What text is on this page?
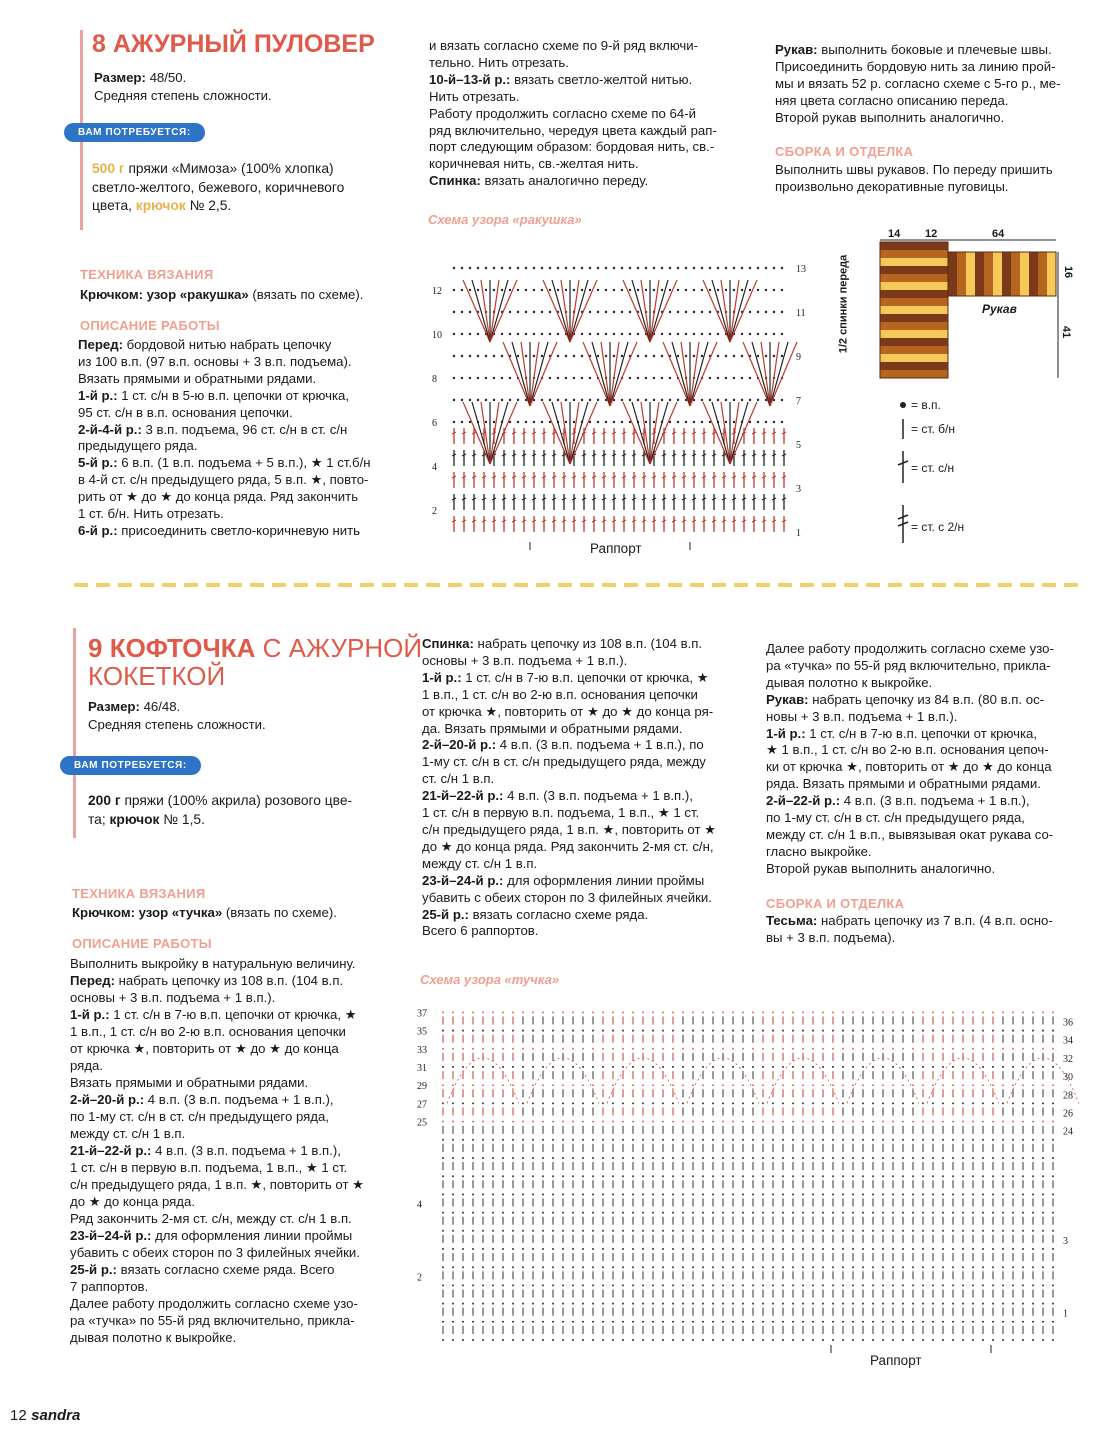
8 АЖУРНЫЙ ПУЛОВЕР
Размер: 48/50.
Средняя степень сложности.
ВАМ ПОТРЕБУЕТСЯ:
500 г пряжи «Мимоза» (100% хлопка)
светло-желтого, бежевого, коричневого
цвета, крючок № 2,5.
ТЕХНИКА ВЯЗАНИЯ
Крючком: узор «ракушка» (вязать по схеме).
ОПИСАНИЕ РАБОТЫ
Перед: бордовой нитью набрать цепочку
из 100 в.п. (97 в.п. основы + 3 в.п. подъема).
Вязать прямыми и обратными рядами.
1-й р.: 1 ст. с/н в 5-ю в.п. цепочки от крючка,
95 ст. с/н в в.п. основания цепочки.
2-й-4-й р.: 3 в.п. подъема, 96 ст. с/н в ст. с/н
предыдущего ряда.
5-й р.: 6 в.п. (1 в.п. подъема + 5 в.п.), ★ 1 ст.б/н
в 4-й ст. с/н предыдущего ряда, 5 в.п. ★, повто-
рить от ★ до ★ до конца ряда. Ряд закончить
1 ст. б/н. Нить отрезать.
6-й р.: присоединить светло-коричневую нить
и вязать согласно схеме по 9-й ряд включи-
тельно. Нить отрезать.
10-й–13-й р.: вязать светло-желтой нитью.
Нить отрезать.
Работу продолжить согласно схеме по 64-й
ряд включительно, чередуя цвета каждый рап-
порт следующим образом: бордовая нить, св.-
коричневая нить, св.-желтая нить.
Спинка: вязать аналогично переду.
Рукав: выполнить боковые и плечевые швы.
Присоединить бордовую нить за линию прой-
мы и вязать 52 р. согласно схеме с 5-го р., ме-
няя цвета согласно описанию переда.
Второй рукав выполнить аналогично.
СБОРКА И ОТДЕЛКА
Выполнить швы рукавов. По переду пришить
произвольно декоративные пуговицы.
Схема узора «ракушка»
12
10
8
6
4
2
13
11
9
7
5
3
1
Раппорт
14 12	64
16
41
1/2 спинки переда	Рукав
= в.п.
= ст. б/н
= ст. с/н
= ст. с 2/н
9 КОФТОЧКА С АЖУРНОЙ
КОКЕТКОЙ
Размер: 46/48.
Средняя степень сложности.
ВАМ ПОТРЕБУЕТСЯ:
200 г пряжи (100% акрила) розового цве-
та; крючок № 1,5.
ТЕХНИКА ВЯЗАНИЯ
Крючком: узор «тучка» (вязать по схеме).
ОПИСАНИЕ РАБОТЫ
Выполнить выкройку в натуральную величину.
Перед: набрать цепочку из 108 в.п. (104 в.п.
основы + 3 в.п. подъема + 1 в.п.).
1-й р.: 1 ст. с/н в 7-ю в.п. цепочки от крючка, ★
1 в.п., 1 ст. с/н во 2-ю в.п. основания цепочки
от крючка ★, повторить от ★ до ★ до конца
ряда.
Вязать прямыми и обратными рядами.
2-й–20-й р.: 4 в.п. (3 в.п. подъема + 1 в.п.),
по 1-му ст. с/н в ст. с/н предыдущего ряда,
между ст. с/н 1 в.п.
21-й–22-й р.: 4 в.п. (3 в.п. подъема + 1 в.п.),
1 ст. с/н в первую в.п. подъема, 1 в.п., ★ 1 ст.
с/н предыдущего ряда, 1 в.п. ★, повторить от ★
до ★ до конца ряда.
Ряд закончить 2-мя ст. с/н, между ст. с/н 1 в.п.
23-й–24-й р.: для оформления линии проймы
убавить с обеих сторон по 3 филейных ячейки.
25-й р.: вязать согласно схеме ряда. Всего
7 раппортов.
Далее работу продолжить согласно схеме узо-
ра «тучка» по 55-й ряд включительно, прикла-
дывая полотно к выкройке.
Спинка: набрать цепочку из 108 в.п. (104 в.п.
основы + 3 в.п. подъема + 1 в.п.).
1-й р.: 1 ст. с/н в 7-ю в.п. цепочки от крючка, ★
1 в.п., 1 ст. с/н во 2-ю в.п. основания цепочки
от крючка ★, повторить от ★ до ★ до конца ря-
да. Вязать прямыми и обратными рядами.
2-й–20-й р.: 4 в.п. (3 в.п. подъема + 1 в.п.), по
1-му ст. с/н в ст. с/н предыдущего ряда, между
ст. с/н 1 в.п.
21-й–22-й р.: 4 в.п. (3 в.п. подъема + 1 в.п.),
1 ст. с/н в первую в.п. подъема, 1 в.п., ★ 1 ст.
с/н предыдущего ряда, 1 в.п. ★, повторить от ★
до ★ до конца ряда. Ряд закончить 2-мя ст. с/н,
между ст. с/н 1 в.п.
23-й–24-й р.: для оформления линии проймы
убавить с обеих сторон по 3 филейных ячейки.
25-й р.: вязать согласно схеме ряда.
Всего 6 раппортов.
Далее работу продолжить согласно схеме узо-
ра «тучка» по 55-й ряд включительно, прикла-
дывая полотно к выкройке.
Рукав: набрать цепочку из 84 в.п. (80 в.п. ос-
новы + 3 в.п. подъема + 1 в.п.).
1-й р.: 1 ст. с/н в 7-ю в.п. цепочки от крючка,
★ 1 в.п., 1 ст. с/н во 2-ю в.п. основания цепоч-
ки от крючка ★, повторить от ★ до ★ до конца
ряда. Вязать прямыми и обратными рядами.
2-й–22-й р.: 4 в.п. (3 в.п. подъема + 1 в.п.),
по 1-му ст. с/н в ст. с/н предыдущего ряда,
между ст. с/н 1 в.п., вывязывая окат рукава со-
гласно выкройке.
Второй рукав выполнить аналогично.
СБОРКА И ОТДЕЛКА
Тесьма: набрать цепочку из 7 в.п. (4 в.п. осно-
вы + 3 в.п. подъема).
Схема узора «тучка»
37
35
33
31
29
27
25
4
2
36
34
32
30
28
26
24
3
1
Раппорт
12 sandra
